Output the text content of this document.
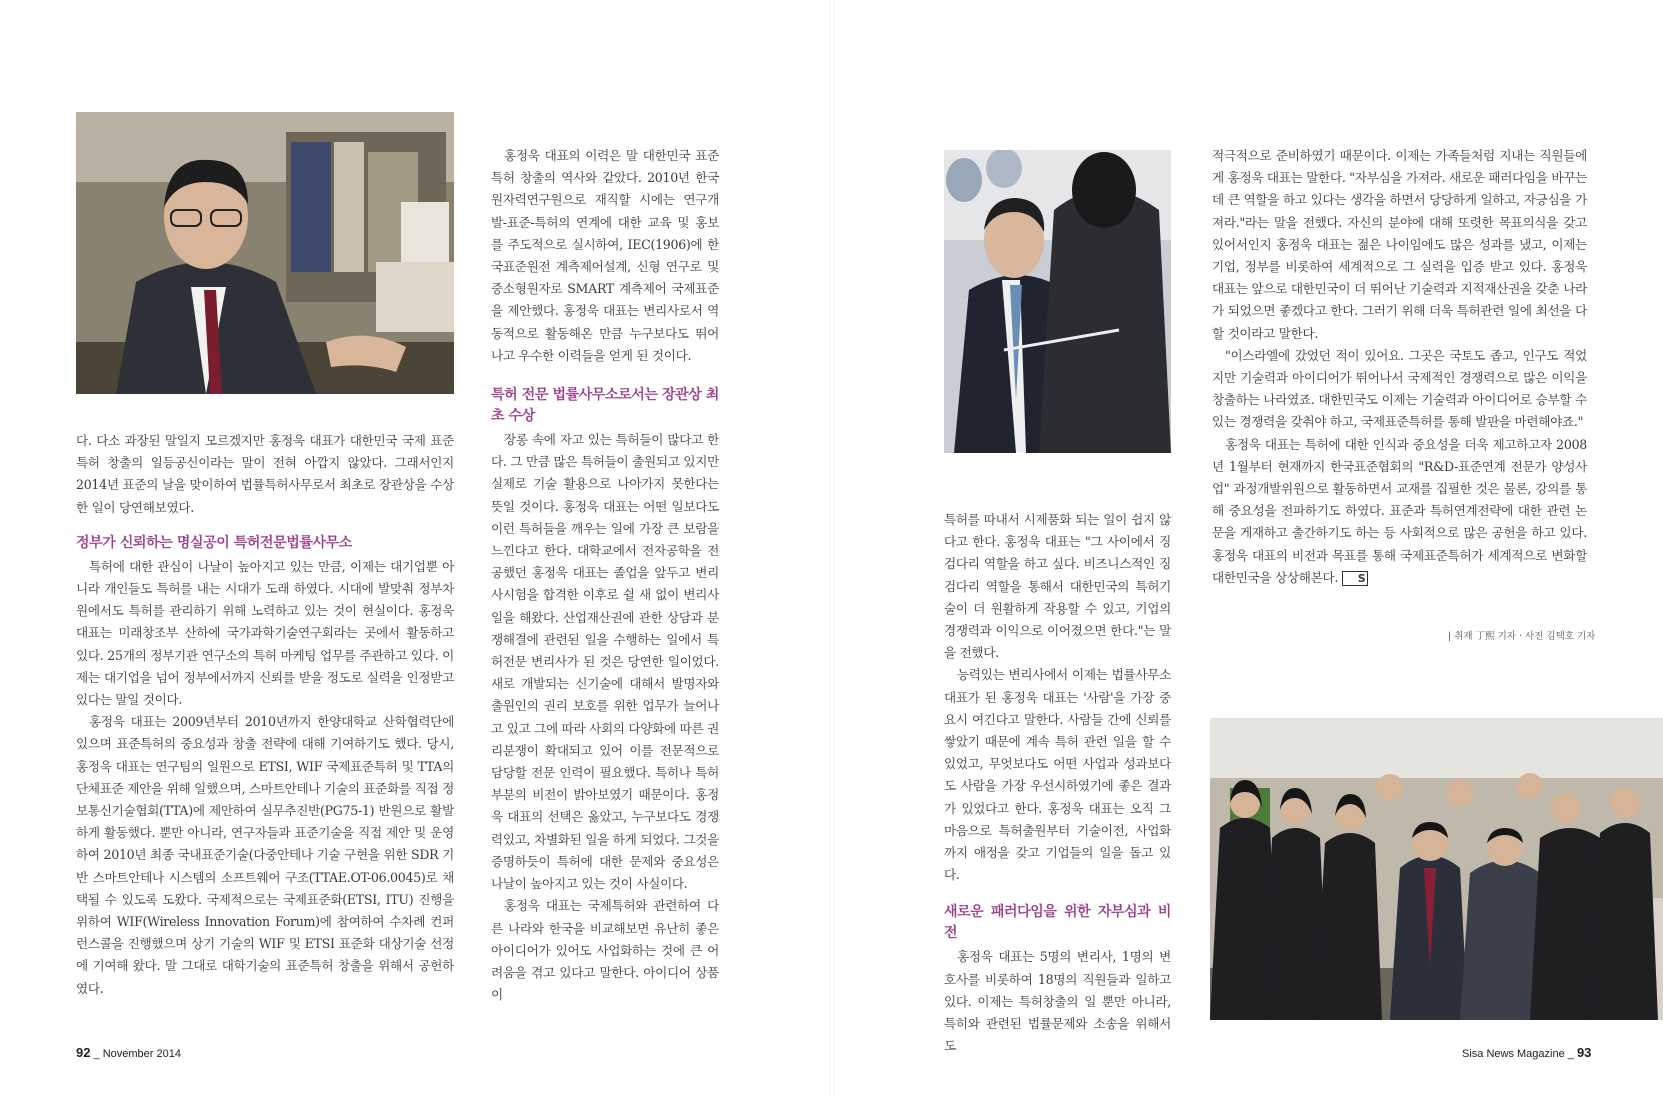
다. 다소 과장된 말일지 모르겠지만 홍정욱 대표가 대한민국 국제 표준특허 창출의 일등공신이라는 말이 전혀 아깝지 않았다. 그래서인지 2014년 표준의 날을 맞이하여 법률특허사무로서 최초로 장관상을 수상한 일이 당연해보였다.

정부가 신뢰하는 명실공이 특허전문법률사무소

특허에 대한 관심이 나날이 높아지고 있는 만큼, 이제는 대기업뿐 아니라 개인들도 특허를 내는 시대가 도래 하였다. 시대에 발맞춰 정부차원에서도 특허를 관리하기 위해 노력하고 있는 것이 현실이다. 홍정욱 대표는 미래창조부 산하에 국가과학기술연구회라는 곳에서 활동하고 있다. 25개의 정부기관 연구소의 특허 마케팅 업무를 주관하고 있다. 이제는 대기업을 넘어 정부에서까지 신뢰를 받을 정도로 실력을 인정받고 있다는 말일 것이다.

홍정욱 대표는 2009년부터 2010년까지 한양대학교 산학협력단에 있으며 표준특허의 중요성과 창출 전략에 대해 기여하기도 했다. 당시, 홍정욱 대표는 연구팀의 일원으로 ETSI, WIF 국제표준특허 및 TTA의 단체표준 제안을 위해 일했으며, 스마트안테나 기술의 표준화를 직접 정보통신기술협회(TTA)에 제안하여 실무추진반(PG75-1) 반원으로 활발하게 활동했다. 뿐만 아니라, 연구자들과 표준기술을 직접 제안 및 운영하여 2010년 최종 국내표준기술(다중안테나 기술 구현을 위한 SDR 기반 스마트안테나 시스템의 소프트웨어 구조(TTAE.OT-06.0045)로 채택될 수 있도록 도왔다. 국제적으로는 국제표준화(ETSI, ITU) 진행을 위하여 WIF(Wireless Innovation Forum)에 참여하여 수차례 컨퍼런스콜을 진행했으며 상기 기술의 WIF 및 ETSI 표준화 대상기술 선정에 기여해 왔다. 말 그대로 대학기술의 표준특허 창출을 위해서 공헌하였다.

홍정욱 대표의 이력은 말 대한민국 표준특허 창출의 역사와 같았다. 2010년 한국원자력연구원으로 재직할 시에는 연구개발-표준-특허의 연계에 대한 교육 및 홍보를 주도적으로 실시하여, IEC(1906)에 한국표준원전 계측제어설계, 신형 연구로 및 중소형원자로 SMART 계측제어 국제표준을 제안했다. 홍정욱 대표는 변리사로서 역동적으로 활동해온 만큼 누구보다도 뛰어나고 우수한 이력들을 얻게 된 것이다.

특허 전문 법률사무소로서는 장관상 최초 수상

장롱 속에 자고 있는 특허들이 많다고 한다. 그 만큼 많은 특허들이 출원되고 있지만 실제로 기술 활용으로 나아가지 못한다는 뜻일 것이다. 홍정욱 대표는 어떤 일보다도 이런 특허들을 깨우는 일에 가장 큰 보람을 느낀다고 한다. 대학교에서 전자공학을 전공했던 홍정욱 대표는 졸업을 앞두고 변리사시험을 합격한 이후로 쉴 새 없이 변리사 일을 해왔다. 산업재산권에 관한 상담과 분쟁해결에 관련된 일을 수행하는 일에서 특허전문 변리사가 된 것은 당연한 일이었다. 새로 개발되는 신기술에 대해서 발명자와 출원인의 권리 보호를 위한 업무가 늘어나고 있고 그에 따라 사회의 다양화에 따른 권리분쟁이 확대되고 있어 이를 전문적으로 담당할 전문 인력이 필요했다. 특히나 특허 부분의 비전이 밝아보였기 때문이다. 홍정욱 대표의 선택은 옳았고, 누구보다도 경쟁력있고, 차별화된 일을 하게 되었다. 그것을 증명하듯이 특허에 대한 문제와 중요성은 나날이 높아지고 있는 것이 사실이다.

홍정욱 대표는 국제특허와 관련하여 다른 나라와 한국을 비교해보면 유난히 좋은 아이디어가 있어도 사업화하는 것에 큰 어려움을 겪고 있다고 말한다. 아이디어 상품이

92 _ November 2014

특허를 따내서 시제품화 되는 일이 쉽지 않다고 한다. 홍정욱 대표는 "그 사이에서 징검다리 역할을 하고 싶다. 비즈니스적인 징검다리 역할을 통해서 대한민국의 특허기술이 더 원활하게 작용할 수 있고, 기업의 경쟁력과 이익으로 이어졌으면 한다."는 말을 전했다.

능력있는 변리사에서 이제는 법률사무소 대표가 된 홍정욱 대표는 '사람'을 가장 중요시 여긴다고 말한다. 사람들 간에 신뢰를 쌓았기 때문에 계속 특허 관련 일을 할 수 있었고, 무엇보다도 어떤 사업과 성과보다도 사람을 가장 우선시하였기에 좋은 결과가 있었다고 한다. 홍정욱 대표는 오직 그 마음으로 특허출원부터 기술이전, 사업화까지 애정을 갖고 기업들의 일을 돕고 있다.

새로운 패러다임을 위한 자부심과 비전

홍정욱 대표는 5명의 변리사, 1명의 변호사를 비롯하여 18명의 직원들과 일하고 있다. 이제는 특허창출의 일 뿐만 아니라, 특히와 관련된 법률문제와 소송을 위해서도

적극적으로 준비하였기 때문이다. 이제는 가족들처럼 지내는 직원들에게 홍정욱 대표는 말한다. "자부심을 가져라. 새로운 패러다임을 바꾸는데 큰 역할을 하고 있다는 생각을 하면서 당당하게 일하고, 자긍심을 가져라."라는 말을 전했다. 자신의 분야에 대해 또렷한 목표의식을 갖고 있어서인지 홍정욱 대표는 젊은 나이임에도 많은 성과를 냈고, 이제는 기업, 정부를 비롯하여 세계적으로 그 실력을 입증 받고 있다. 홍정욱 대표는 앞으로 대한민국이 더 뛰어난 기술력과 지적재산권을 갖춘 나라가 되었으면 좋겠다고 한다. 그러기 위해 더욱 특허관련 일에 최선을 다할 것이라고 말한다.

"이스라엘에 갔었던 적이 있어요. 그곳은 국토도 좁고, 인구도 적었지만 기술력과 아이디어가 뛰어나서 국제적인 경쟁력으로 많은 이익을 창출하는 나라였죠. 대한민국도 이제는 기술력과 아이디어로 승부할 수 있는 경쟁력을 갖춰야 하고, 국제표준특허를 통해 발판을 마련해야죠."

홍정욱 대표는 특허에 대한 인식과 중요성을 더욱 제고하고자 2008년 1월부터 현재까지 한국표준협회의 "R&D-표준연계 전문가 양성사업" 과정개발위원으로 활동하면서 교재를 집필한 것은 물론, 강의를 통해 중요성을 전파하기도 하였다. 표준과 특허연계전략에 대한 관련 논문을 게재하고 출간하기도 하는 등 사회적으로 많은 공헌을 하고 있다. 홍정욱 대표의 비전과 목표를 통해 국제표준특허가 세계적으로 변화할 대한민국을 상상해본다. S

| 취재 丁熙 기자 · 사진 김택호 기자
Sisa News Magazine _ 93
